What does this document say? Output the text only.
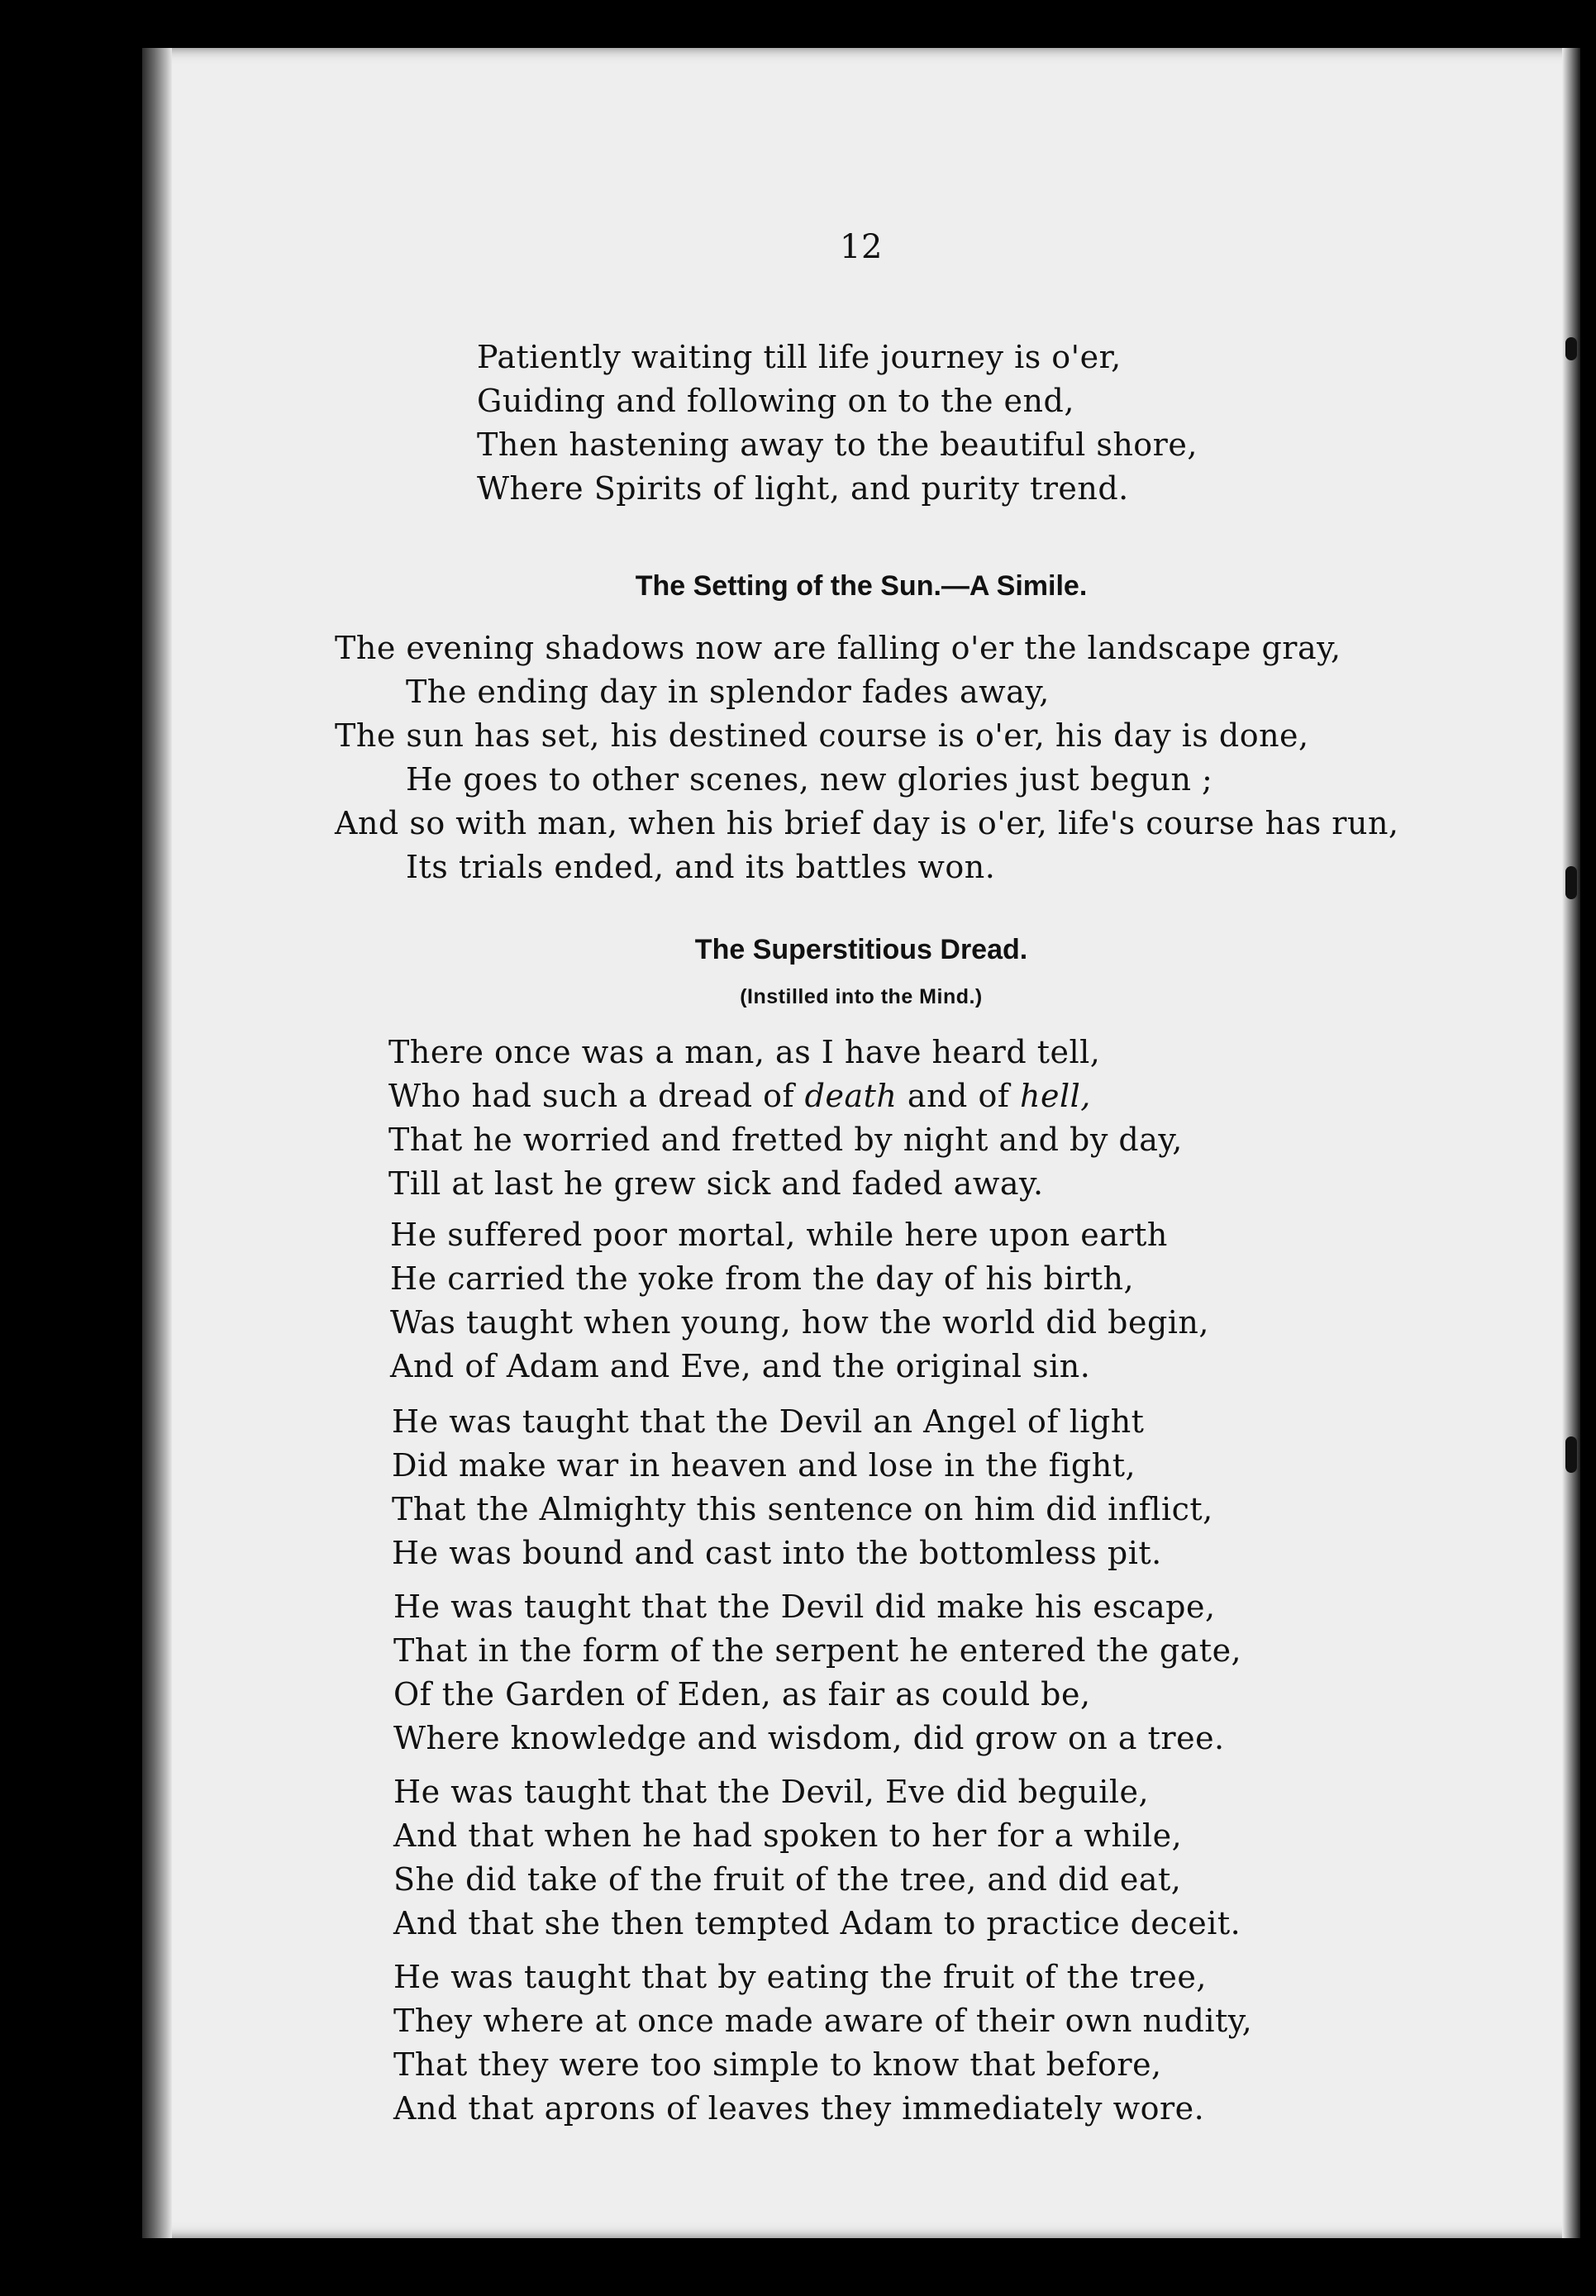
12
Patiently waiting till life journey is o'er,
Guiding and following on to the end,
Then hastening away to the beautiful shore,
Where Spirits of light, and purity trend.
The Setting of the Sun.—A Simile.
The evening shadows now are falling o'er the landscape gray,
The ending day in splendor fades away,
The sun has set, his destined course is o'er, his day is done,
He goes to other scenes, new glories just begun ;
And so with man, when his brief day is o'er, life's course has run,
Its trials ended, and its battles won.
The Superstitious Dread.
(Instilled into the Mind.)
There once was a man, as I have heard tell,
Who had such a dread of death and of hell,
That he worried and fretted by night and by day,
Till at last he grew sick and faded away.
He suffered poor mortal, while here upon earth
He carried the yoke from the day of his birth,
Was taught when young, how the world did begin,
And of Adam and Eve, and the original sin.
He was taught that the Devil an Angel of light
Did make war in heaven and lose in the fight,
That the Almighty this sentence on him did inflict,
He was bound and cast into the bottomless pit.
He was taught that the Devil did make his escape,
That in the form of the serpent he entered the gate,
Of the Garden of Eden, as fair as could be,
Where knowledge and wisdom, did grow on a tree.
He was taught that the Devil, Eve did beguile,
And that when he had spoken to her for a while,
She did take of the fruit of the tree, and did eat,
And that she then tempted Adam to practice deceit.
He was taught that by eating the fruit of the tree,
They where at once made aware of their own nudity,
That they were too simple to know that before,
And that aprons of leaves they immediately wore.
